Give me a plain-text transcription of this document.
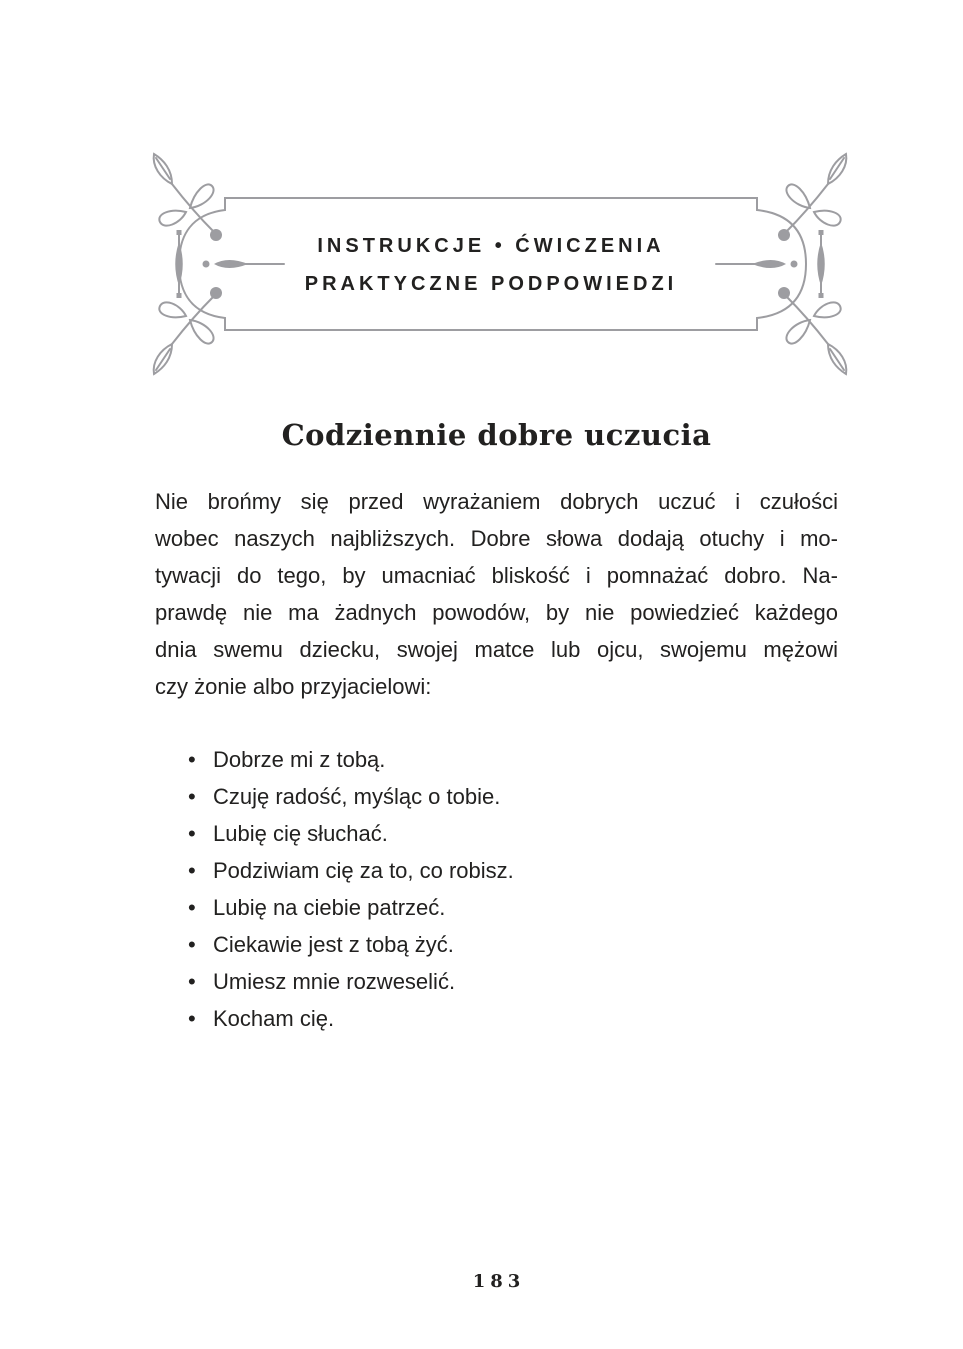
INSTRUKCJE • ĆWICZENIA
PRAKTYCZNE PODPOWIEDZI
Codziennie dobre uczucia
Nie brońmy się przed wyrażaniem dobrych uczuć i czułości
wobec naszych najbliższych. Dobre słowa dodają otuchy i mo-
tywacji do tego, by umacniać bliskość i pomnażać dobro. Na-
prawdę nie ma żadnych powodów, by nie powiedzieć każdego
dnia swemu dziecku, swojej matce lub ojcu, swojemu mężowi
czy żonie albo przyjacielowi:
• Dobrze mi z tobą.
• Czuję radość, myśląc o tobie.
• Lubię cię słuchać.
• Podziwiam cię za to, co robisz.
• Lubię na ciebie patrzeć.
• Ciekawie jest z tobą żyć.
• Umiesz mnie rozweselić.
• Kocham cię.
183
